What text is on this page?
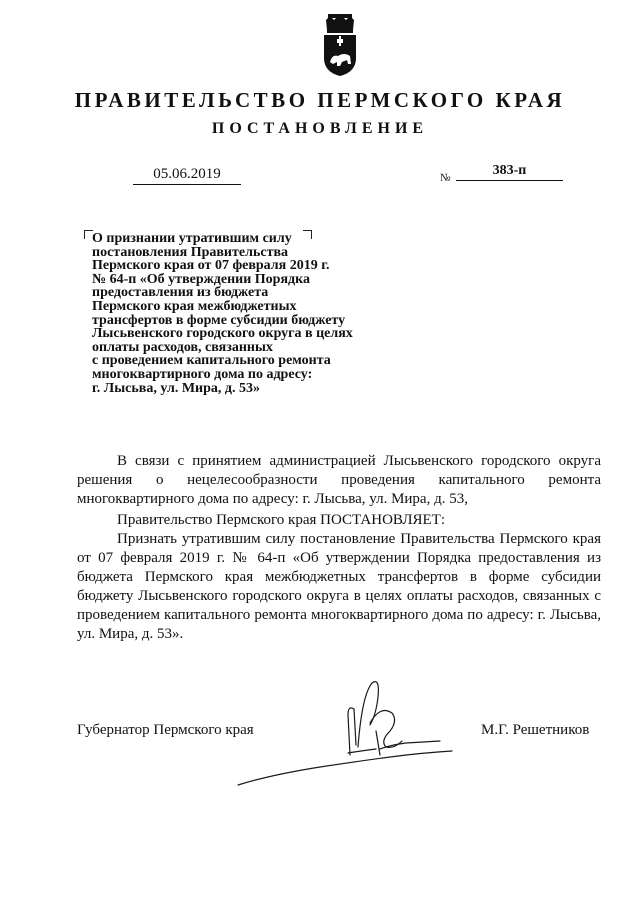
ПРАВИТЕЛЬСТВО ПЕРМСКОГО КРАЯ
ПОСТАНОВЛЕНИЕ
05.06.2019	№	383-п
О признании утратившим силу
постановления Правительства
Пермского края от 07 февраля 2019 г.
№ 64-п «Об утверждении Порядка
предоставления из бюджета
Пермского края межбюджетных
трансфертов в форме субсидии бюджету
Лысьвенского городского округа в целях
оплаты расходов, связанных
с проведением капитального ремонта
многоквартирного дома по адресу:
г. Лысьва, ул. Мира, д. 53»
В связи с принятием администрацией Лысьвенского городского округа решения о нецелесообразности проведения капитального ремонта многоквартирного дома по адресу: г. Лысьва, ул. Мира, д. 53,
Правительство Пермского края ПОСТАНОВЛЯЕТ:
Признать утратившим силу постановление Правительства Пермского края от 07 февраля 2019 г. № 64-п «Об утверждении Порядка предоставления из бюджета Пермского края межбюджетных трансфертов в форме субсидии бюджету Лысьвенского городского округа в целях оплаты расходов, связанных с проведением капитального ремонта многоквартирного дома по адресу: г. Лысьва, ул. Мира, д. 53».
Губернатор Пермского края	М.Г. Решетников
